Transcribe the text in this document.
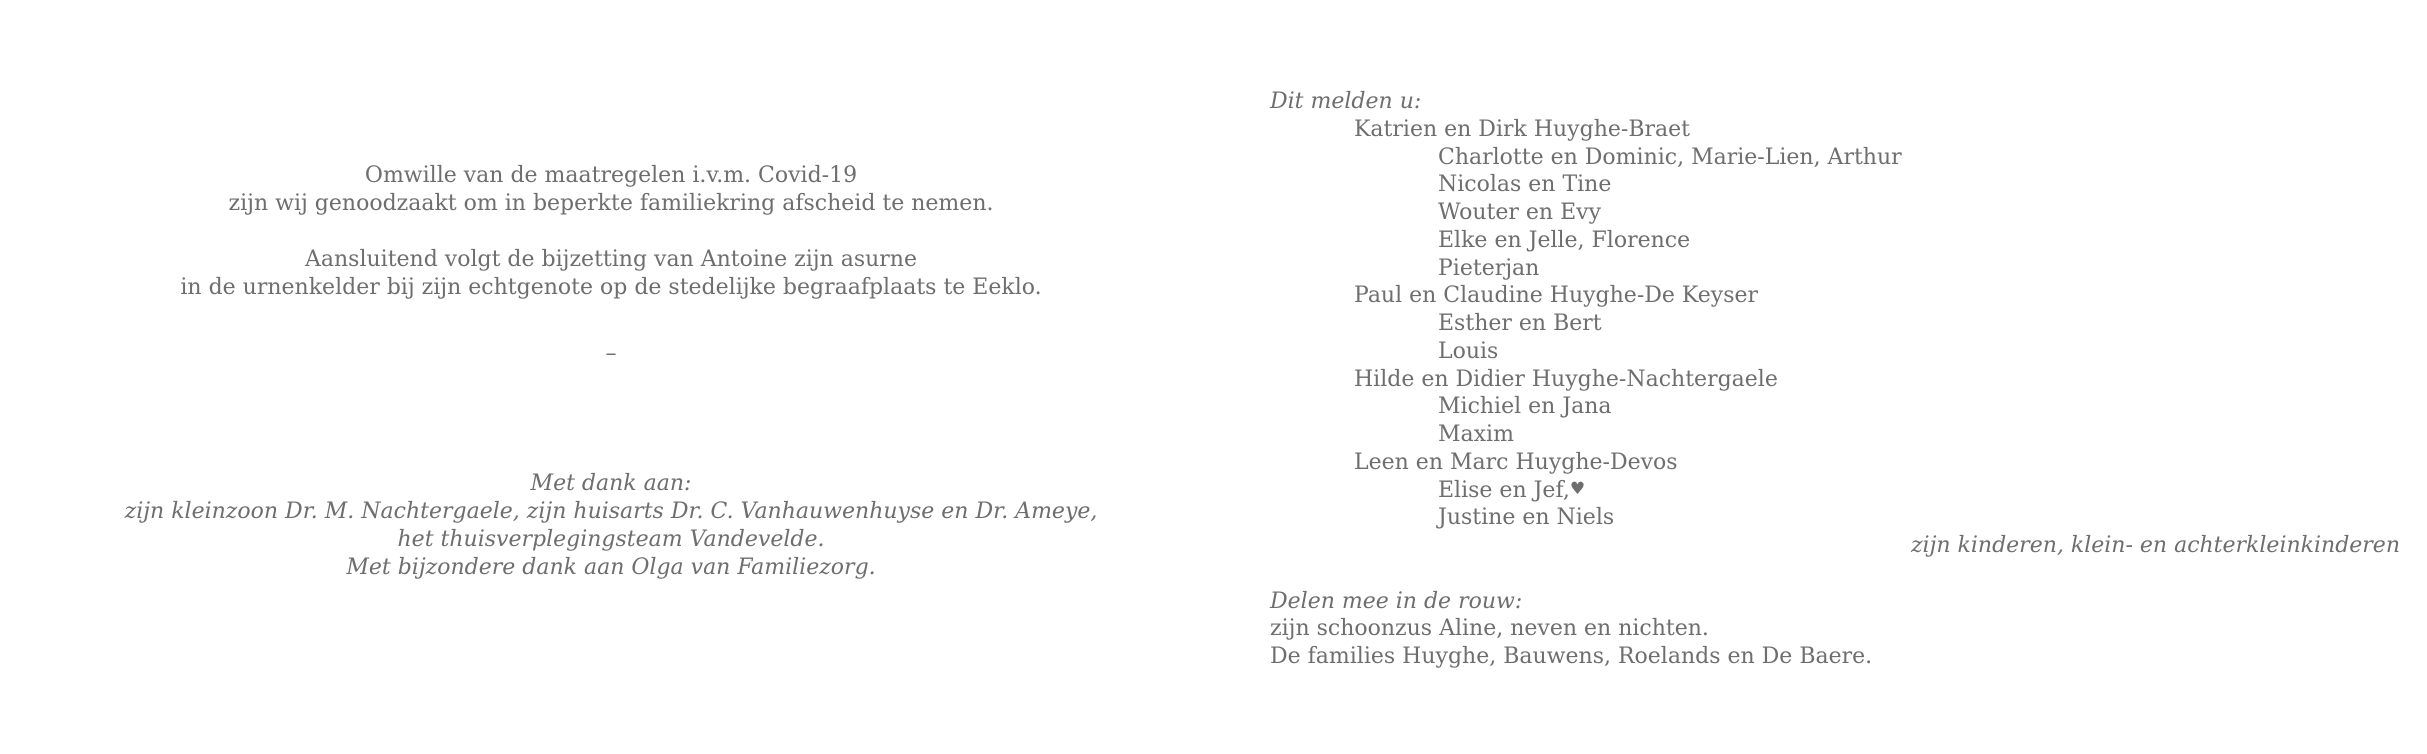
Omwille van de maatregelen i.v.m. Covid-19
zijn wij genoodzaakt om in beperkte familiekring afscheid te nemen.
Aansluitend volgt de bijzetting van Antoine zijn asurne
in de urnenkelder bij zijn echtgenote op de stedelijke begraafplaats te Eeklo.
–
Met dank aan:
zijn kleinzoon Dr. M. Nachtergaele, zijn huisarts Dr. C. Vanhauwenhuyse en Dr. Ameye,
het thuisverplegingsteam Vandevelde.
Met bijzondere dank aan Olga van Familiezorg.
Dit melden u:
Katrien en Dirk Huyghe-Braet
Charlotte en Dominic, Marie-Lien, Arthur
Nicolas en Tine
Wouter en Evy
Elke en Jelle, Florence
Pieterjan
Paul en Claudine Huyghe-De Keyser
Esther en Bert
Louis
Hilde en Didier Huyghe-Nachtergaele
Michiel en Jana
Maxim
Leen en Marc Huyghe-Devos
Elise en Jef,♥
Justine en Niels
zijn kinderen, klein- en achterkleinkinderen
Delen mee in de rouw:
zijn schoonzus Aline, neven en nichten.
De families Huyghe, Bauwens, Roelands en De Baere.
